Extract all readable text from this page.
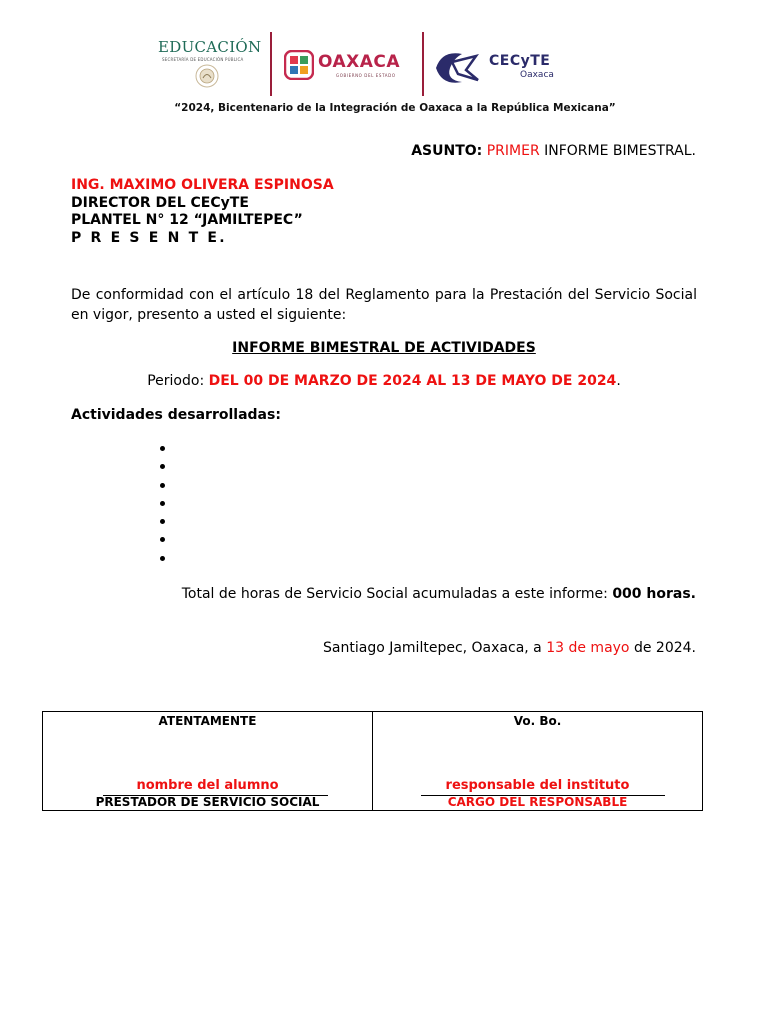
EDUCACIÓN
SECRETARÍA DE EDUCACIÓN PÚBLICA	OAXACA
GOBIERNO DEL ESTADO
CECyTE
Oaxaca
“2024, Bicentenario de la Integración de Oaxaca a la República Mexicana”
ASUNTO: PRIMER INFORME BIMESTRAL.
ING. MAXIMO OLIVERA ESPINOSA
DIRECTOR DEL CECyTE
PLANTEL N° 12 “JAMILTEPEC”
P R E S E N T E.
De conformidad con el artículo 18 del Reglamento para la Prestación del Servicio Social en vigor, presento a usted el siguiente:
INFORME BIMESTRAL DE ACTIVIDADES
Periodo: DEL 00 DE MARZO DE 2024 AL 13 DE MAYO DE 2024.
Actividades desarrolladas:
Total de horas de Servicio Social acumuladas a este informe: 000 horas.
Santiago Jamiltepec, Oaxaca, a 13 de mayo de 2024.
ATENTAMENTE
nombre del alumno
PRESTADOR DE SERVICIO SOCIAL

Vo. Bo.
responsable del instituto
CARGO DEL RESPONSABLE
